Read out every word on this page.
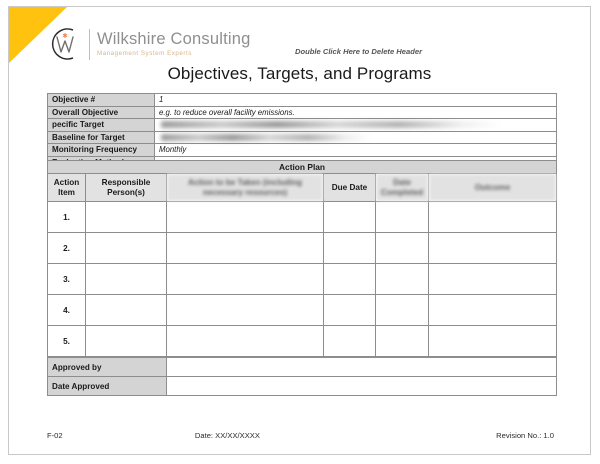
Wilkshire Consulting
Management System Experts	Double Click Here to Delete Header
Objectives, Targets, and Programs
Objective #	1
Overall Objective	e.g. to reduce overall facility emissions.
pecific Target	

Baseline for Target	

Monitoring Frequency	Monthly

Action Plan					
Action Item	Responsible Person(s)	Action to be Taken (including necessary resources)	Due Date	Date Completed	Outcome
1.					
2.					
3.					
4.					
5.					
Approved by	
Date Approved	
F-02	Date: XX/XX/XXXX	Revision No.: 1.0
